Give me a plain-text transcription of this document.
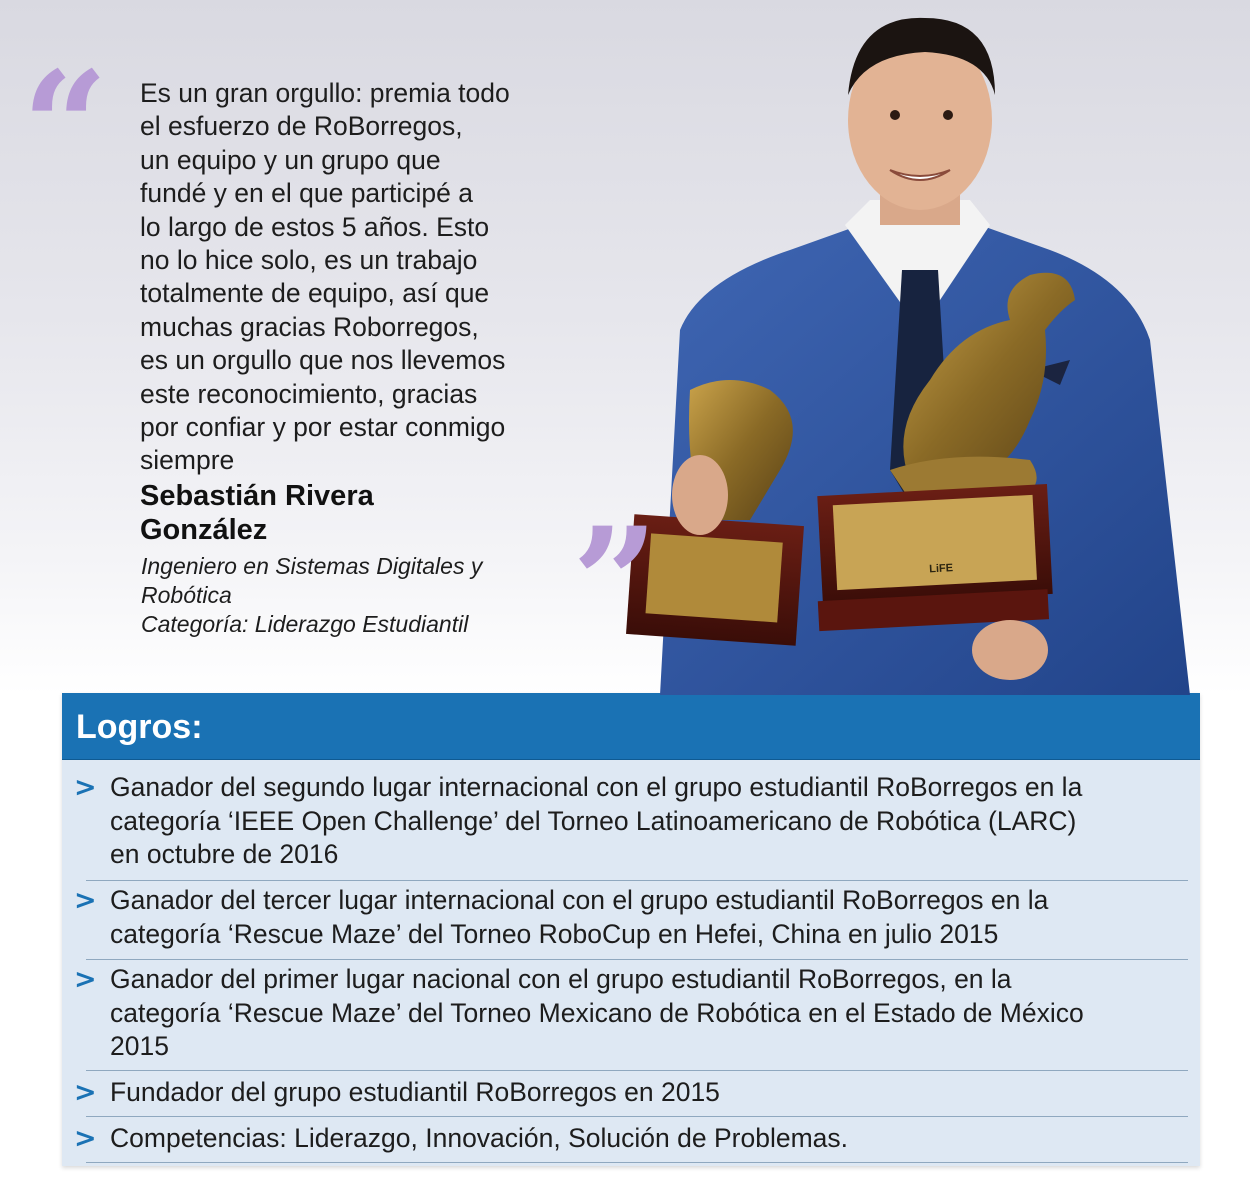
“ Es un gran orgullo: premia todo
el esfuerzo de RoBorregos,
un equipo y un grupo que
fundé y en el que participé a
lo largo de estos 5 años. Esto
no lo hice solo, es un trabajo
totalmente de equipo, así que
muchas gracias Roborregos,
es un orgullo que nos llevemos
este reconocimiento, gracias
por confiar y por estar conmigo
siempre

Sebastián Rivera
González

Ingeniero en Sistemas Digitales y
Robótica
Categoría: Liderazgo Estudiantil
LiFE
”
Logros:
> Ganador del segundo lugar internacional con el grupo estudiantil RoBorregos en la
categoría ‘IEEE Open Challenge’ del Torneo Latinoamericano de Robótica (LARC)
en octubre de 2016
> Ganador del tercer lugar internacional con el grupo estudiantil RoBorregos en la
categoría ‘Rescue Maze’ del Torneo RoboCup en Hefei, China en julio 2015
> Ganador del primer lugar nacional con el grupo estudiantil RoBorregos, en la
categoría ‘Rescue Maze’ del Torneo Mexicano de Robótica en el Estado de México
2015
> Fundador del grupo estudiantil RoBorregos en 2015
> Competencias: Liderazgo, Innovación, Solución de Problemas.
